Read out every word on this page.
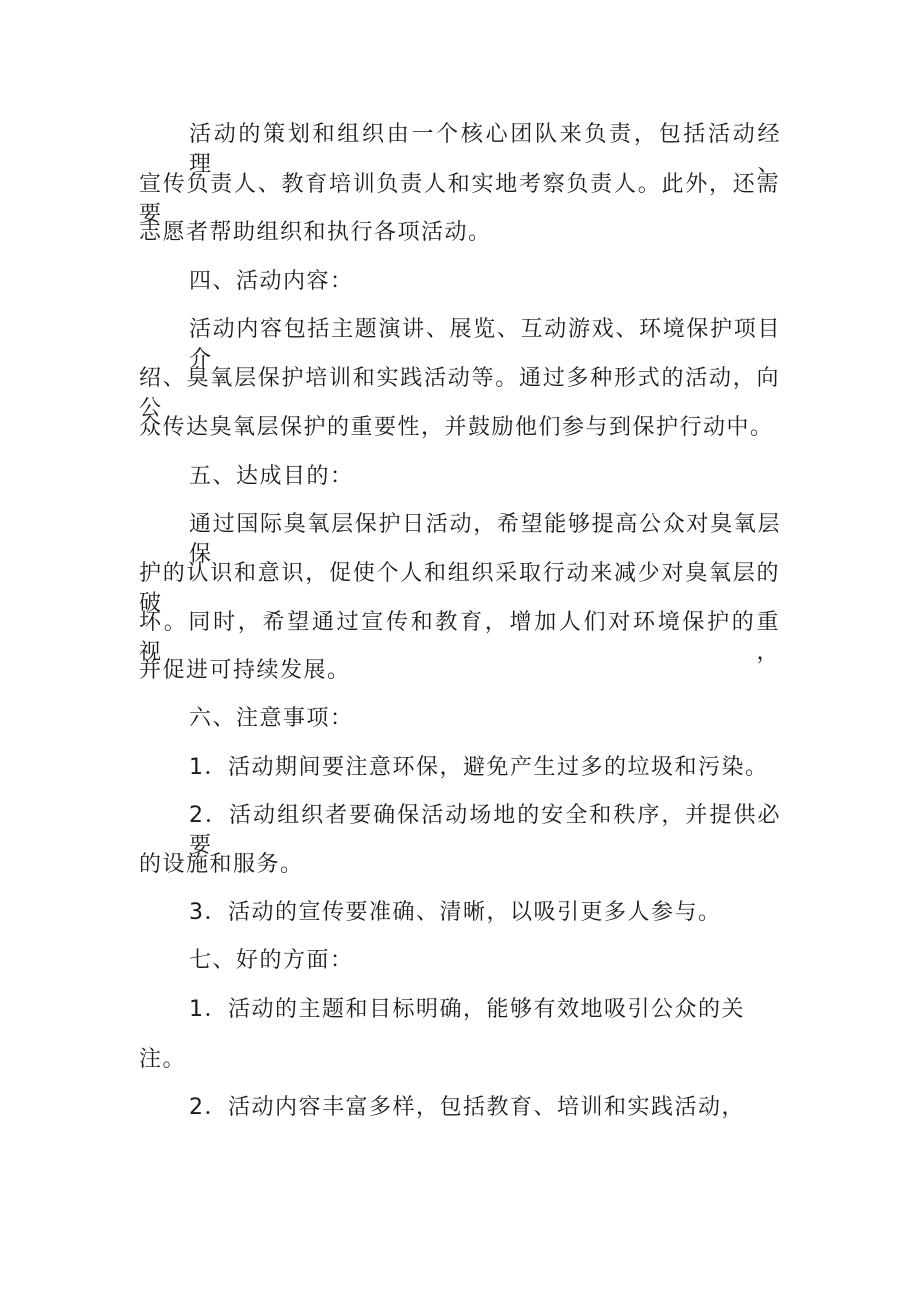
活动的策划和组织由一个核心团队来负责，包括活动经理、

宣传负责人、教育培训负责人和实地考察负责人。此外，还需要

志愿者帮助组织和执行各项活动。

四、活动内容：

活动内容包括主题演讲、展览、互动游戏、环境保护项目介

绍、臭氧层保护培训和实践活动等。通过多种形式的活动，向公

众传达臭氧层保护的重要性，并鼓励他们参与到保护行动中。

五、达成目的：

通过国际臭氧层保护日活动，希望能够提高公众对臭氧层保

护的认识和意识，促使个人和组织采取行动来减少对臭氧层的破

坏。同时，希望通过宣传和教育，增加人们对环境保护的重视，

并促进可持续发展。

六、注意事项：

1．活动期间要注意环保，避免产生过多的垃圾和污染。

2．活动组织者要确保活动场地的安全和秩序，并提供必要

的设施和服务。

3．活动的宣传要准确、清晰，以吸引更多人参与。

七、好的方面：

1．活动的主题和目标明确，能够有效地吸引公众的关

注。

2．活动内容丰富多样，包括教育、培训和实践活动，
